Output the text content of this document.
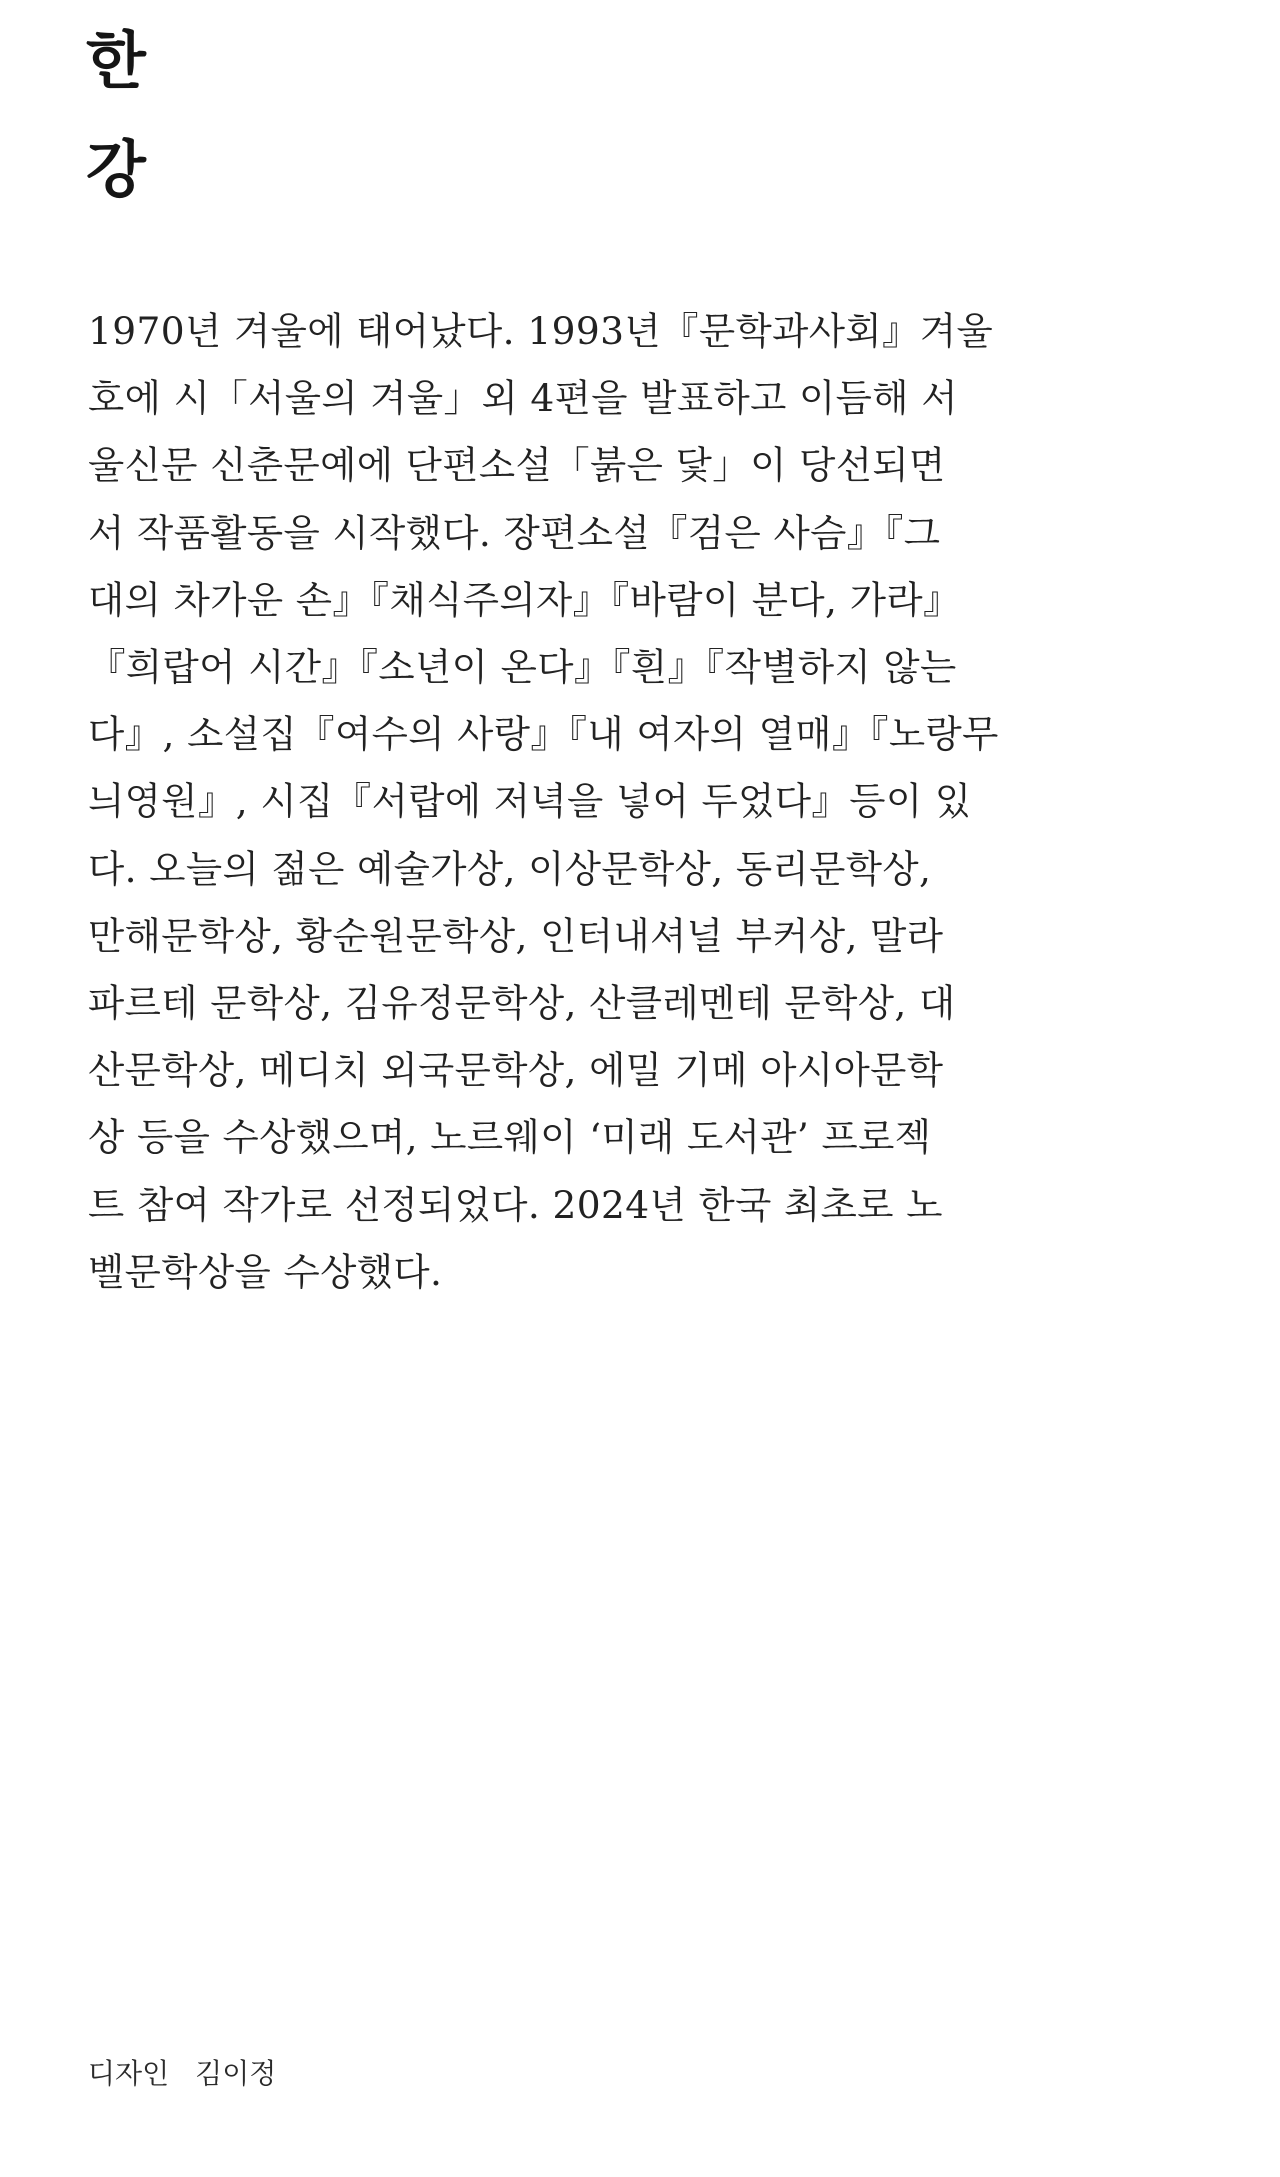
한
강
1970년 겨울에 태어났다. 1993년『문학과사회』겨울
호에 시「서울의 겨울」외 4편을 발표하고 이듬해 서
울신문 신춘문예에 단편소설「붉은 닻」이 당선되면
서 작품활동을 시작했다. 장편소설『검은 사슴』『그
대의 차가운 손』『채식주의자』『바람이 분다, 가라』
『희랍어 시간』『소년이 온다』『흰』『작별하지 않는
다』, 소설집『여수의 사랑』『내 여자의 열매』『노랑무
늬영원』, 시집『서랍에 저녁을 넣어 두었다』등이 있
다. 오늘의 젊은 예술가상, 이상문학상, 동리문학상,
만해문학상, 황순원문학상, 인터내셔널 부커상, 말라
파르테 문학상, 김유정문학상, 산클레멘테 문학상, 대
산문학상, 메디치 외국문학상, 에밀 기메 아시아문학
상 등을 수상했으며, 노르웨이 ‘미래 도서관’ 프로젝
트 참여 작가로 선정되었다. 2024년 한국 최초로 노
벨문학상을 수상했다.
디자인 김이정
